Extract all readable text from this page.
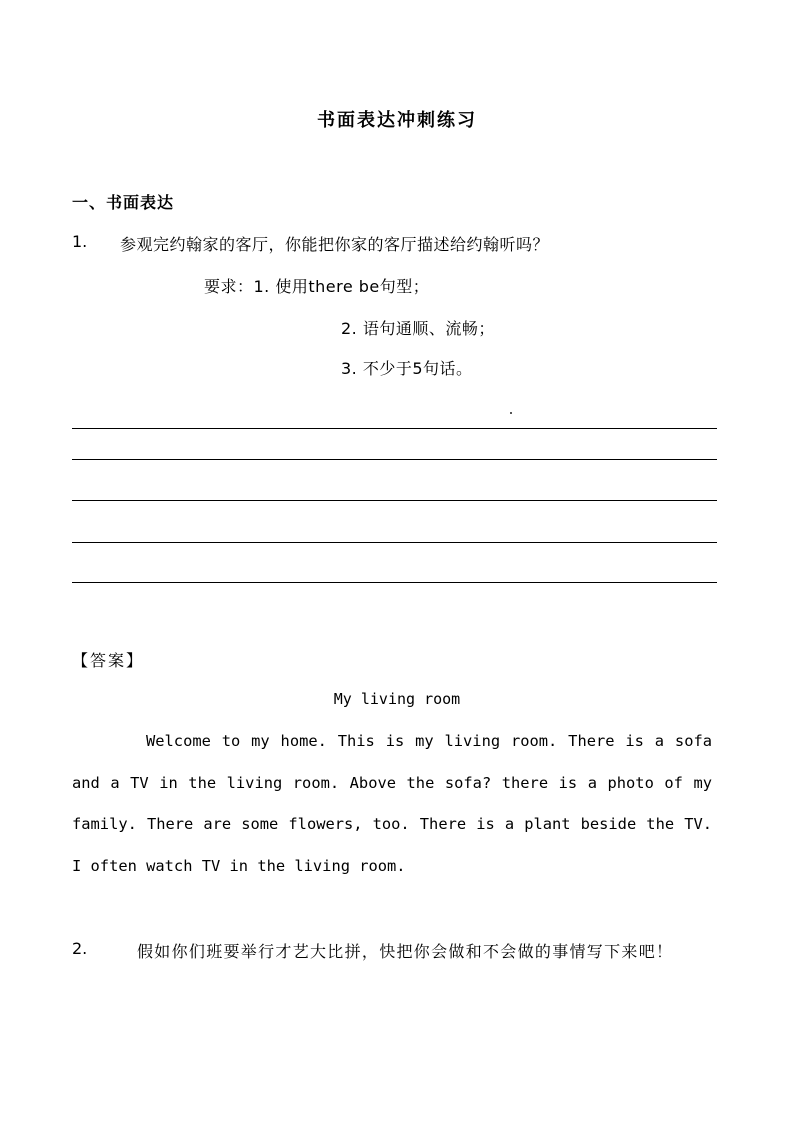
书面表达冲刺练习
一、书面表达
1. 参观完约翰家的客厅，你能把你家的客厅描述给约翰听吗？
要求：1. 使用there be句型；
2. 语句通顺、流畅；
3. 不少于5句话。
【答案】
My living room

Welcome to my home. This is my living room. There is a sofa and a TV in the living room. Above the sofa? there is a photo of my family. There are some flowers, too. There is a plant beside the TV. I often watch TV in the living room.

2.	假如你们班要举行才艺大比拼，快把你会做和不会做的事情写下来吧！
